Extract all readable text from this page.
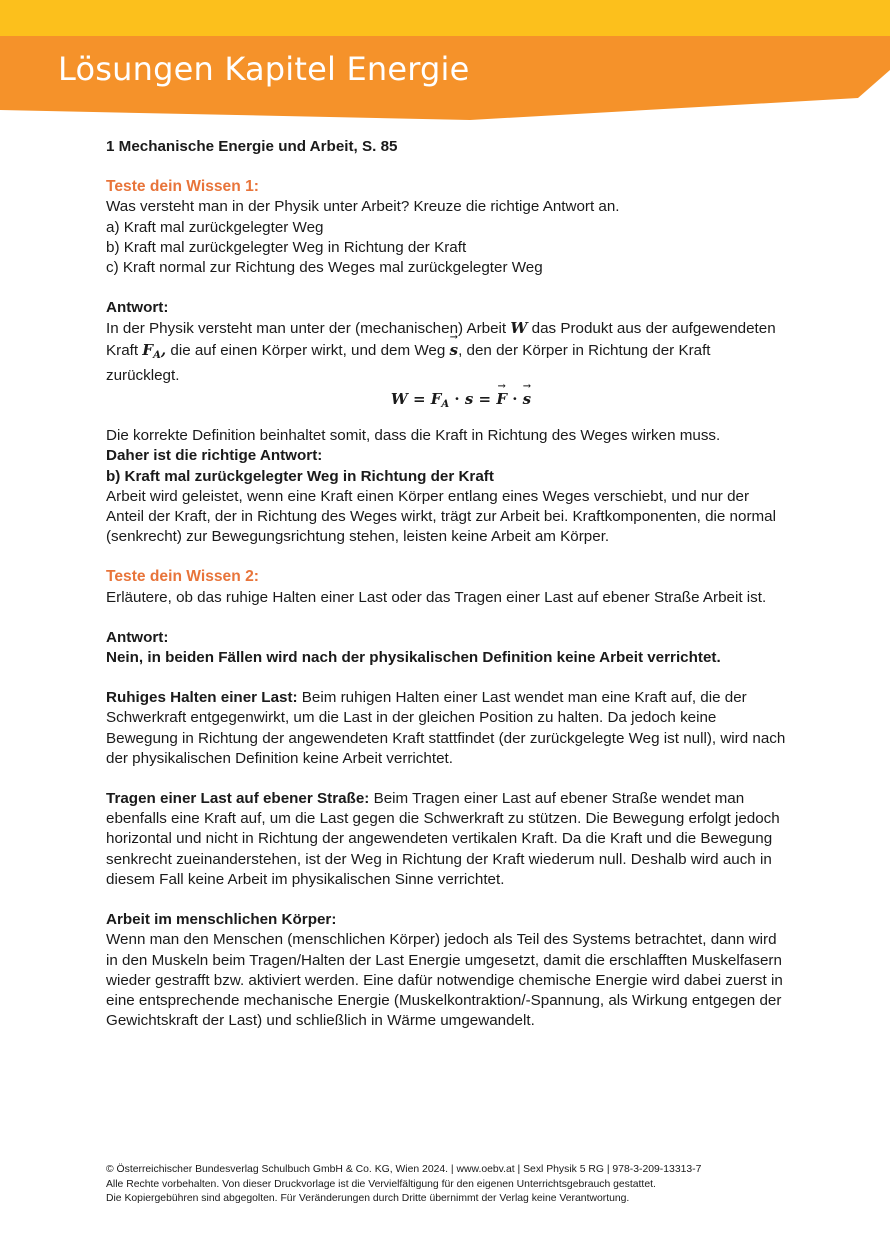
Lösungen Kapitel Energie

1 Mechanische Energie und Arbeit, S. 85

Teste dein Wissen 1:

Was versteht man in der Physik unter Arbeit? Kreuze die richtige Antwort an.

a) Kraft mal zurückgelegter Weg

b) Kraft mal zurückgelegter Weg in Richtung der Kraft

c) Kraft normal zur Richtung des Weges mal zurückgelegter Weg

Antwort:

In der Physik versteht man unter der (mechanischen) Arbeit W das Produkt aus der aufgewendeten Kraft $F_A$, die auf einen Körper wirkt, und dem Weg → s, den der Körper in Richtung der Kraft zurücklegt.

$W = F_A \cdot s$ = → F · → s

Die korrekte Definition beinhaltet somit, dass die Kraft in Richtung des Weges wirken muss.

Daher ist die richtige Antwort:

b) Kraft mal zurückgelegter Weg in Richtung der Kraft

Arbeit wird geleistet, wenn eine Kraft einen Körper entlang eines Weges verschiebt, und nur der Anteil der Kraft, der in Richtung des Weges wirkt, trägt zur Arbeit bei. Kraftkomponenten, die normal (senkrecht) zur Bewegungsrichtung stehen, leisten keine Arbeit am Körper.

Teste dein Wissen 2:

Erläutere, ob das ruhige Halten einer Last oder das Tragen einer Last auf ebener Straße Arbeit ist.

Antwort:

Nein, in beiden Fällen wird nach der physikalischen Definition keine Arbeit verrichtet.

Ruhiges Halten einer Last: Beim ruhigen Halten einer Last wendet man eine Kraft auf, die der Schwerkraft entgegenwirkt, um die Last in der gleichen Position zu halten. Da jedoch keine Bewegung in Richtung der angewendeten Kraft stattfindet (der zurückgelegte Weg ist null), wird nach der physikalischen Definition keine Arbeit verrichtet.

Tragen einer Last auf ebener Straße: Beim Tragen einer Last auf ebener Straße wendet man ebenfalls eine Kraft auf, um die Last gegen die Schwerkraft zu stützen. Die Bewegung erfolgt jedoch horizontal und nicht in Richtung der angewendeten vertikalen Kraft. Da die Kraft und die Bewegung senkrecht zueinanderstehen, ist der Weg in Richtung der Kraft wiederum null. Deshalb wird auch in diesem Fall keine Arbeit im physikalischen Sinne verrichtet.

Arbeit im menschlichen Körper:

Wenn man den Menschen (menschlichen Körper) jedoch als Teil des Systems betrachtet, dann wird in den Muskeln beim Tragen/Halten der Last Energie umgesetzt, damit die erschlafften Muskelfasern wieder gestrafft bzw. aktiviert werden. Eine dafür notwendige chemische Energie wird dabei zuerst in eine entsprechende mechanische Energie (Muskelkontraktion/-Spannung, als Wirkung entgegen der Gewichtskraft der Last) und schließlich in Wärme umgewandelt.

© Österreichischer Bundesverlag Schulbuch GmbH & Co. KG, Wien 2024. | www.oebv.at | Sexl Physik 5 RG | 978-3-209-13313-7

Alle Rechte vorbehalten. Von dieser Druckvorlage ist die Vervielfältigung für den eigenen Unterrichtsgebrauch gestattet.

Die Kopiergebühren sind abgegolten. Für Veränderungen durch Dritte übernimmt der Verlag keine Verantwortung.
